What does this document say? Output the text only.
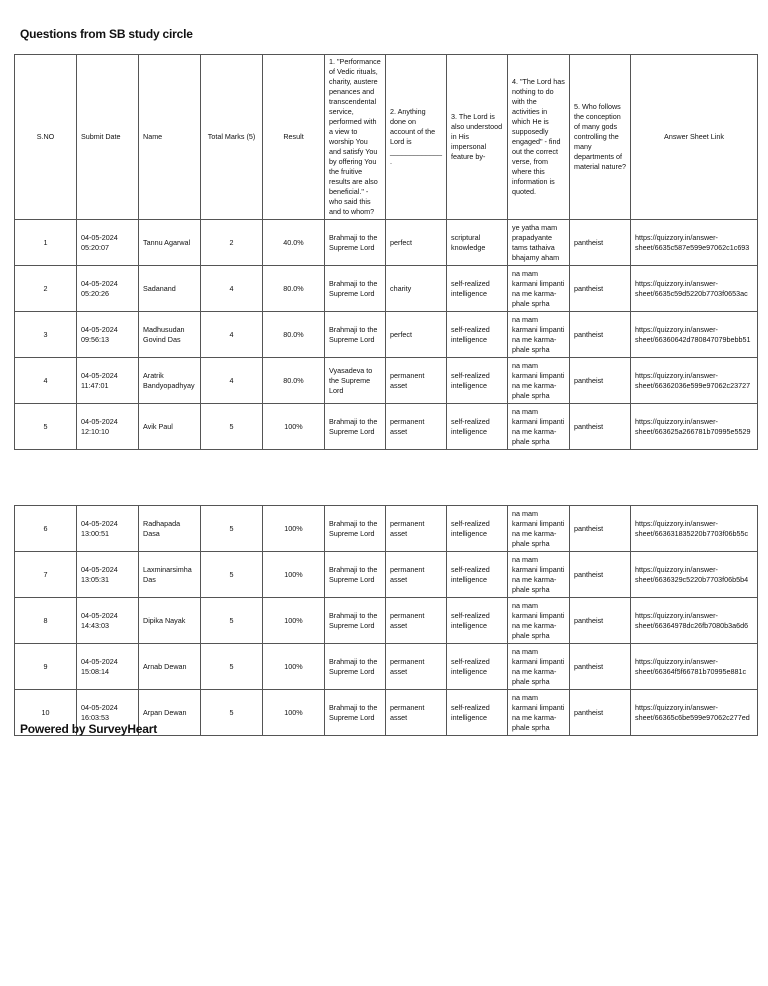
Questions from SB study circle
S.NO	Submit Date	Name	Total Marks (5)	Result	1. "Performance of Vedic rituals, charity, austere penances and transcendental service, performed with a view to worship You and satisfy You by offering You the fruitive results are also beneficial." - who said this and to whom?	2. Anything done on account of the Lord is _____________.	3. The Lord is also understood in His impersonal feature by-	4. "The Lord has nothing to do with the activities in which He is supposedly engaged" - find out the correct verse, from where this information is quoted.	5. Who follows the conception of many gods controlling the many departments of material nature?	Answer Sheet Link
1	04-05-2024 05:20:07	Tannu Agarwal	2	40.0%	Brahmaji to the Supreme Lord	perfect	scriptural knowledge	ye yatha mam prapadyante tams tathaiva bhajamy aham	pantheist	https://quizzory.in/answer-sheet/6635c587e599e97062c1c693
2	04-05-2024 05:20:26	Sadanand	4	80.0%	Brahmaji to the Supreme Lord	charity	self-realized intelligence	na mam karmani limpanti na me karma-phale sprha	pantheist	https://quizzory.in/answer-sheet/6635c59d5220b7703f0653ac
3	04-05-2024 09:56:13	Madhusudan Govind Das	4	80.0%	Brahmaji to the Supreme Lord	perfect	self-realized intelligence	na mam karmani limpanti na me karma-phale sprha	pantheist	https://quizzory.in/answer-sheet/66360642d780847079bebb51
4	04-05-2024 11:47:01	Aratrik Bandyopadhyay	4	80.0%	Vyasadeva to the Supreme Lord	permanent asset	self-realized intelligence	na mam karmani limpanti na me karma-phale sprha	pantheist	https://quizzory.in/answer-sheet/66362036e599e97062c23727
5	04-05-2024 12:10:10	Avik Paul	5	100%	Brahmaji to the Supreme Lord	permanent asset	self-realized intelligence	na mam karmani limpanti na me karma-phale sprha	pantheist	https://quizzory.in/answer-sheet/663625a266781b70995e5529
6	04-05-2024 13:00:51	Radhapada Dasa	5	100%	Brahmaji to the Supreme Lord	permanent asset	self-realized intelligence	na mam karmani limpanti na me karma-phale sprha	pantheist	https://quizzory.in/answer-sheet/663631835220b7703f06b55c
7	04-05-2024 13:05:31	Laxminarsimha Das	5	100%	Brahmaji to the Supreme Lord	permanent asset	self-realized intelligence	na mam karmani limpanti na me karma-phale sprha	pantheist	https://quizzory.in/answer-sheet/6636329c5220b7703f06b5b4
8	04-05-2024 14:43:03	Dipika Nayak	5	100%	Brahmaji to the Supreme Lord	permanent asset	self-realized intelligence	na mam karmani limpanti na me karma-phale sprha	pantheist	https://quizzory.in/answer-sheet/66364978dc26fb7080b3a6d6
9	04-05-2024 15:08:14	Arnab Dewan	5	100%	Brahmaji to the Supreme Lord	permanent asset	self-realized intelligence	na mam karmani limpanti na me karma-phale sprha	pantheist	https://quizzory.in/answer-sheet/66364f5f66781b70995e881c
10	04-05-2024 16:03:53	Arpan Dewan	5	100%	Brahmaji to the Supreme Lord	permanent asset	self-realized intelligence	na mam karmani limpanti na me karma-phale sprha	pantheist	https://quizzory.in/answer-sheet/66365c6be599e97062c277ed
Powered by SurveyHeart
